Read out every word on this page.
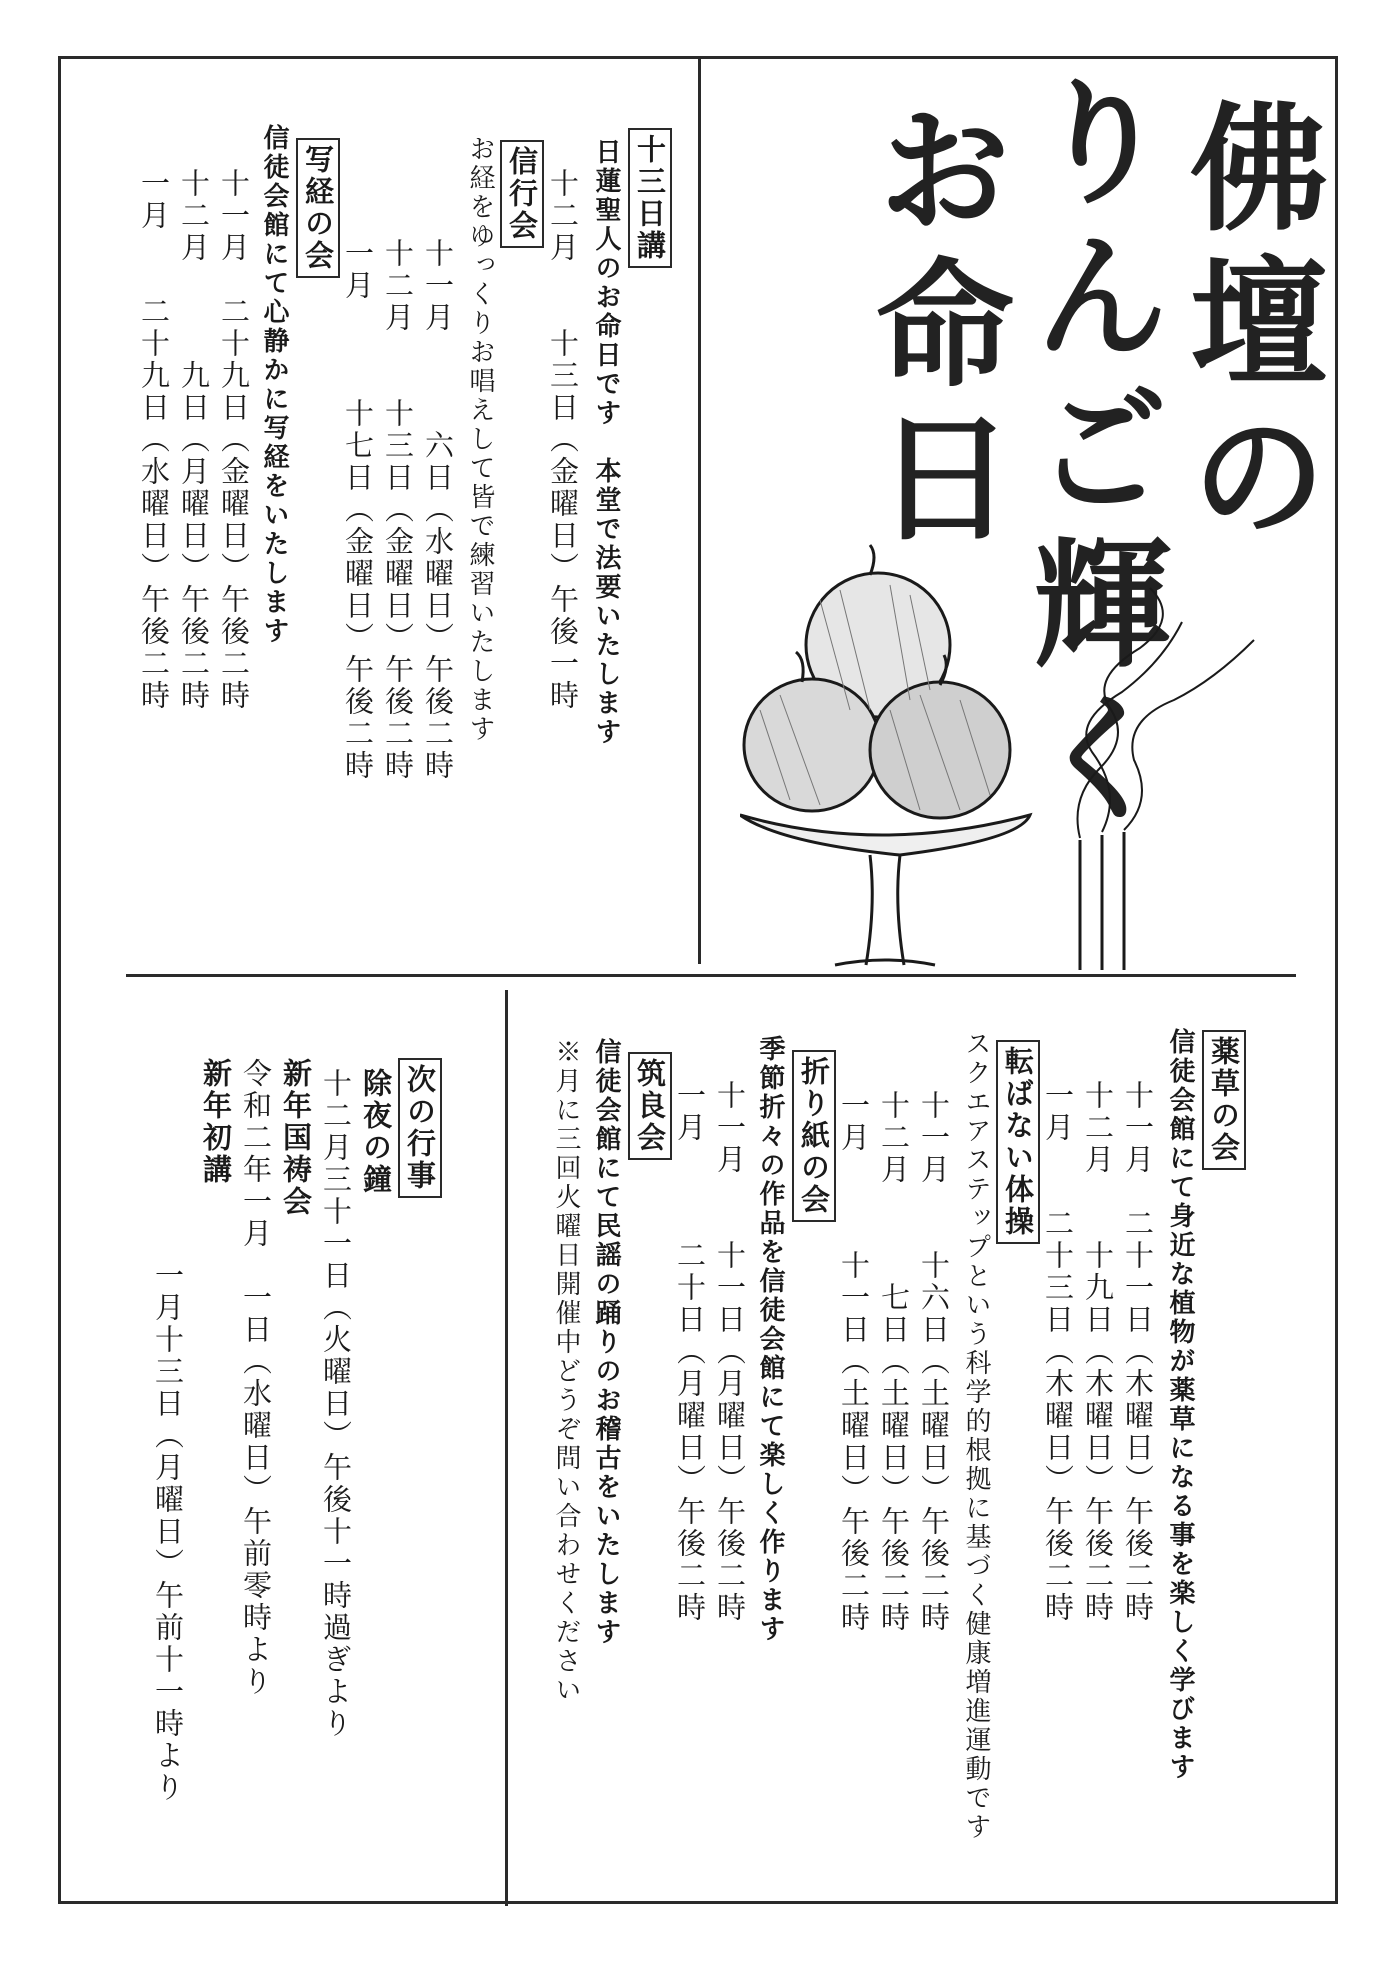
佛壇の
りんご輝く
お命日

十三日講

日蓮聖人のお命日です　本堂で法要いたします

十二月　　十三日（金曜日）午後一時

信行会

お経をゆっくりお唱えして皆で練習いたします

十一月　　　六日（水曜日）午後二時

十二月　　十三日（金曜日）午後二時

一月　　　十七日（金曜日）午後二時

写経の会

信徒会館にて心静かに写経をいたします

十一月　二十九日（金曜日）午後二時

十二月　　　九日（月曜日）午後二時

一月　　二十九日（水曜日）午後二時

薬草の会

信徒会館にて身近な植物が薬草になる事を楽しく学びます

十一月　二十一日（木曜日）午後二時

十二月　　十九日（木曜日）午後二時

一月　　二十三日（木曜日）午後二時

転ばない体操

スクエアステップという科学的根拠に基づく健康増進運動です

十一月　　十六日（土曜日）午後二時

十二月　　　七日（土曜日）午後二時

一月　　　十一日（土曜日）午後二時

折り紙の会

季節折々の作品を信徒会館にて楽しく作ります

十一月　　十一日（月曜日）午後二時

一月　　　二十日（月曜日）午後二時

筑良会

信徒会館にて民謡の踊りのお稽古をいたします

※月に三回火曜日開催中どうぞ問い合わせください

次の行事

除夜の鐘

十二月三十一日（火曜日）午後十一時過ぎより

新年国祷会

令和二年一月　一日（水曜日）午前零時より

新年初講

一月十三日（月曜日）午前十一時より
